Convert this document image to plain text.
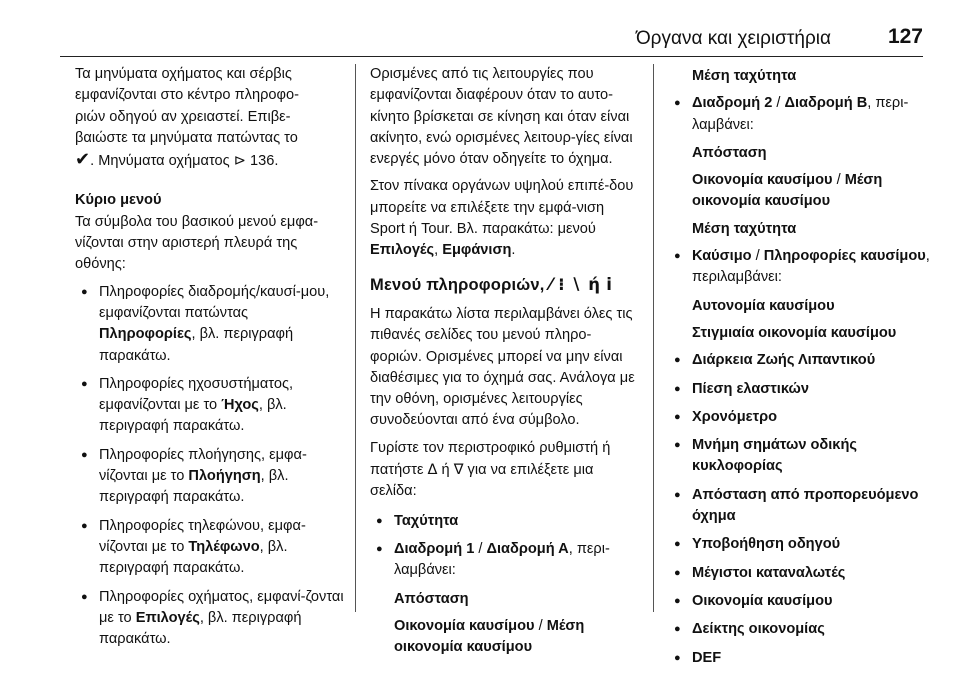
Όργανα και χειριστήρια	127

Τα μηνύματα οχήματος και σέρβις
εμφανίζονται στο κέντρο πληροφο-
ριών οδηγού αν χρειαστεί. Επιβε-
βαιώστε τα μηνύματα πατώντας το
✔. Μηνύματα οχήματος ⊳ 136.

Κύριο μενού

Τα σύμβολα του βασικού μενού εμφα-
νίζονται στην αριστερή πλευρά της
οθόνης:

● Πληροφορίες διαδρομής/καυσί-μου, εμφανίζονται πατώντας Πληροφορίες, βλ. περιγραφή παρακάτω.
● Πληροφορίες ηχοσυστήματος, εμφανίζονται με το Ήχος, βλ. περιγραφή παρακάτω.
● Πληροφορίες πλοήγησης, εμφα-νίζονται με το Πλοήγηση, βλ. περιγραφή παρακάτω.
● Πληροφορίες τηλεφώνου, εμφα-νίζονται με το Τηλέφωνο, βλ. περιγραφή παρακάτω.
● Πληροφορίες οχήματος, εμφανί-ζονται με το Επιλογές, βλ. περιγραφή παρακάτω.

Ορισμένες από τις λειτουργίες που εμφανίζονται διαφέρουν όταν το αυτο-κίνητο βρίσκεται σε κίνηση και όταν είναι ακίνητο, ενώ ορισμένες λειτουρ-γίες είναι ενεργές μόνο όταν οδηγείτε το όχημα.

Στον πίνακα οργάνων υψηλού επιπέ-δου μπορείτε να επιλέξετε την εμφά-νιση Sport ή Tour. Βλ. παρακάτω: μενού Επιλογές, Εμφάνιση.

Μενού πληροφοριών, ⁄ ⁝ ∖ ή ⅰ

Η παρακάτω λίστα περιλαμβάνει όλες τις πιθανές σελίδες του μενού πληρο-φοριών. Ορισμένες μπορεί να μην είναι διαθέσιμες για το όχημά σας. Ανάλογα με την οθόνη, ορισμένες λειτουργίες συνοδεύονται από ένα σύμβολο.

Γυρίστε τον περιστροφικό ρυθμιστή ή πατήστε Δ ή ∇ για να επιλέξετε μια σελίδα:

● Ταχύτητα
● Διαδρομή 1 / Διαδρομή Α, περι-λαμβάνει:
Απόσταση
Οικονομία καυσίμου / Μέση οικονομία καυσίμου
Μέση ταχύτητα
● Διαδρομή 2 / Διαδρομή Β, περι-λαμβάνει:
Απόσταση
Οικονομία καυσίμου / Μέση οικονομία καυσίμου
Μέση ταχύτητα
● Καύσιμο / Πληροφορίες καυσίμου, περιλαμβάνει:
Αυτονομία καυσίμου
Στιγμιαία οικονομία καυσίμου
● Διάρκεια Ζωής Λιπαντικού
● Πίεση ελαστικών
● Χρονόμετρο
● Μνήμη σημάτων οδικής κυκλοφορίας
● Απόσταση από προπορευόμενο όχημα
● Υποβοήθηση οδηγού
● Μέγιστοι καταναλωτές
● Οικονομία καυσίμου
● Δείκτης οικονομίας
● DEF
